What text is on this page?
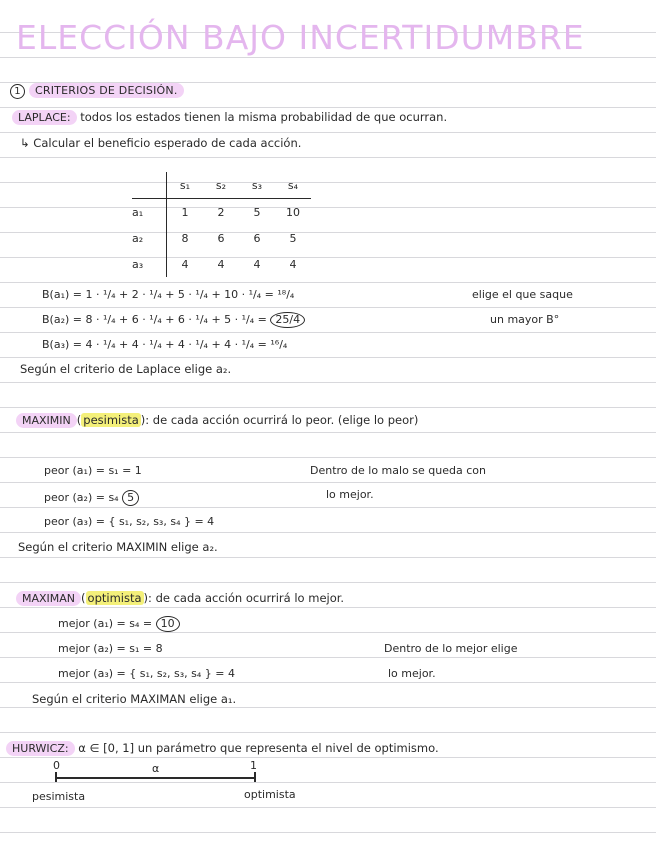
ELECCIÓN BAJO INCERTIDUMBRE
1 CRITERIOS DE DECISIÓN.
LAPLACE: todos los estados tienen la misma probabilidad de que ocurran.
↳ Calcular el beneficio esperado de cada acción.
	s₁	s₂	s₃	s₄
a₁	1	2	5	10
a₂	8	6	6	5
a₃	4	4	4	4
B(a₁) = 1 · ¹/₄ + 2 · ¹/₄ + 5 · ¹/₄ + 10 · ¹/₄ = ¹⁸/₄
B(a₂) = 8 · ¹/₄ + 6 · ¹/₄ + 6 · ¹/₄ + 5 · ¹/₄ = 25/4
B(a₃) = 4 · ¹/₄ + 4 · ¹/₄ + 4 · ¹/₄ + 4 · ¹/₄ = ¹⁶/₄
elige el que saque
un mayor B°
Según el criterio de Laplace elige a₂.
MAXIMIN ( pesimista ): de cada acción ocurrirá lo peor. (elige lo peor)
peor (a₁) = s₁ = 1
peor (a₂) = s₄ 5
peor (a₃) = { s₁, s₂, s₃, s₄ } = 4
Dentro de lo malo se queda con
lo mejor.
Según el criterio MAXIMIN elige a₂.
MAXIMAN ( optimista ): de cada acción ocurrirá lo mejor.
mejor (a₁) = s₄ = 10
mejor (a₂) = s₁ = 8
mejor (a₃) = { s₁, s₂, s₃, s₄ } = 4
Dentro de lo mejor elige
lo mejor.
Según el criterio MAXIMAN elige a₁.
HURWICZ: α ∈ [0, 1] un parámetro que representa el nivel de optimismo.
0	1
α
pesimista	optimista
